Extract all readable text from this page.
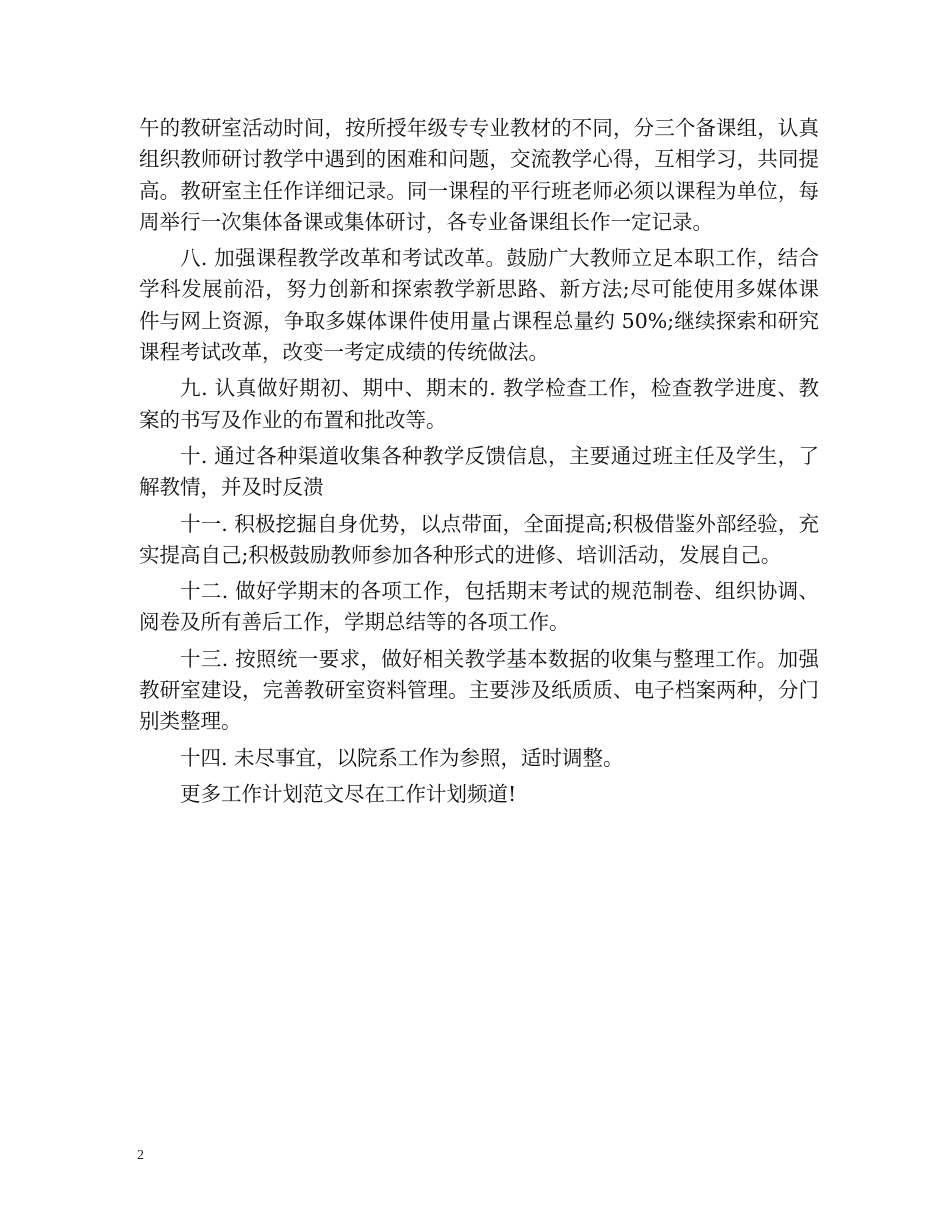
午的教研室活动时间，按所授年级专专业教材的不同，分三个备课组，认真组织教师研讨教学中遇到的困难和问题，交流教学心得，互相学习，共同提高。教研室主任作详细记录。同一课程的平行班老师必须以课程为单位，每周举行一次集体备课或集体研讨，各专业备课组长作一定记录。

八. 加强课程教学改革和考试改革。鼓励广大教师立足本职工作，结合学科发展前沿，努力创新和探索教学新思路、新方法;尽可能使用多媒体课件与网上资源，争取多媒体课件使用量占课程总量约 50%;继续探索和研究课程考试改革，改变一考定成绩的传统做法。

九. 认真做好期初、期中、期末的. 教学检查工作，检查教学进度、教案的书写及作业的布置和批改等。

十. 通过各种渠道收集各种教学反馈信息，主要通过班主任及学生，了解教情，并及时反溃

十一. 积极挖掘自身优势，以点带面，全面提高;积极借鉴外部经验，充实提高自己;积极鼓励教师参加各种形式的进修、培训活动，发展自己。

十二. 做好学期末的各项工作，包括期末考试的规范制卷、组织协调、阅卷及所有善后工作，学期总结等的各项工作。

十三. 按照统一要求，做好相关教学基本数据的收集与整理工作。加强教研室建设，完善教研室资料管理。主要涉及纸质质、电子档案两种，分门别类整理。

十四. 未尽事宜，以院系工作为参照，适时调整。

更多工作计划范文尽在工作计划频道!

2
